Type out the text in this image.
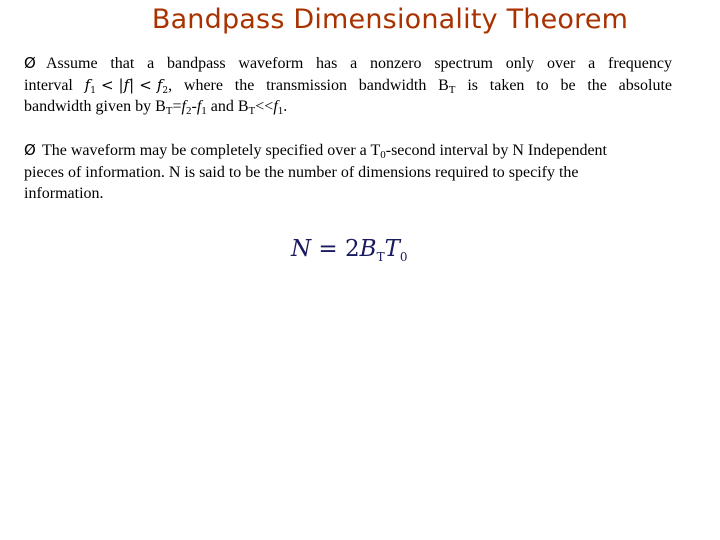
Bandpass Dimensionality Theorem
Ø Assume that a bandpass waveform has a nonzero spectrum only over a frequency
interval $f_1 < |f| < f_2$, where the transmission bandwidth $B_T$ is taken to be the absolute
bandwidth given by $B_T=f_2-f_1$ and $B_T<<f_1$.
Ø The waveform may be completely specified over a $T_0$-second interval by N Independent
pieces of information. N is said to be the number of dimensions required to specify the
information.
$N = 2B_TT_0$
